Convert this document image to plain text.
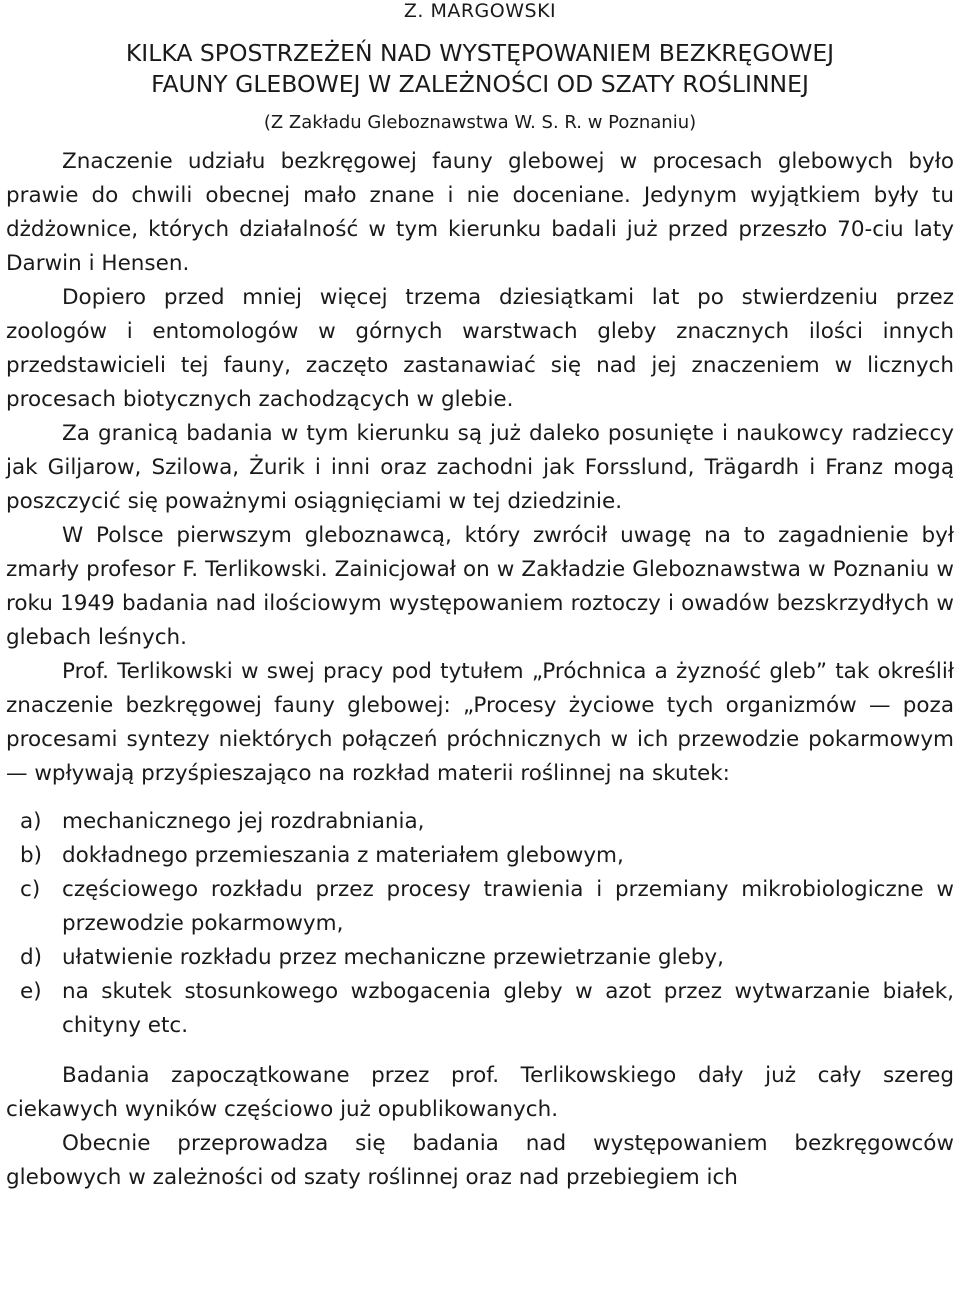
Z. MARGOWSKI

KILKA SPOSTRZEŻEŃ NAD WYSTĘPOWANIEM BEZKRĘGOWEJ
FAUNY GLEBOWEJ W ZALEŻNOŚCI OD SZATY ROŚLINNEJ

(Z Zakładu Gleboznawstwa W. S. R. w Poznaniu)

Znaczenie udziału bezkręgowej fauny glebowej w procesach glebowych było prawie do chwili obecnej mało znane i nie doceniane. Jedynym wyjątkiem były tu dżdżownice, których działalność w tym kierunku badali już przed przeszło 70-ciu laty Darwin i Hensen.

Dopiero przed mniej więcej trzema dziesiątkami lat po stwierdzeniu przez zoologów i entomologów w górnych warstwach gleby znacznych ilości innych przedstawicieli tej fauny, zaczęto zastanawiać się nad jej znaczeniem w licznych procesach biotycznych zachodzących w glebie.

Za granicą badania w tym kierunku są już daleko posunięte i naukowcy radzieccy jak Giljarow, Szilowa, Żurik i inni oraz zachodni jak Forsslund, Trägardh i Franz mogą poszczycić się poważnymi osiągnięciami w tej dziedzinie.

W Polsce pierwszym gleboznawcą, który zwrócił uwagę na to zagadnienie był zmarły profesor F. Terlikowski. Zainicjował on w Zakładzie Gleboznawstwa w Poznaniu w roku 1949 badania nad ilościowym występowaniem roztoczy i owadów bezskrzydłych w glebach leśnych.

Prof. Terlikowski w swej pracy pod tytułem „Próchnica a żyzność gleb” tak określił znaczenie bezkręgowej fauny glebowej: „Procesy życiowe tych organizmów — poza procesami syntezy niektórych połączeń próchnicznych w ich przewodzie pokarmowym — wpływają przyśpieszająco na rozkład materii roślinnej na skutek:

a) mechanicznego jej rozdrabniania,
b) dokładnego przemieszania z materiałem glebowym,
c) częściowego rozkładu przez procesy trawienia i przemiany mikrobiologiczne w przewodzie pokarmowym,
d) ułatwienie rozkładu przez mechaniczne przewietrzanie gleby,
e) na skutek stosunkowego wzbogacenia gleby w azot przez wytwarzanie białek, chityny etc.

Badania zapoczątkowane przez prof. Terlikowskiego dały już cały szereg ciekawych wyników częściowo już opublikowanych.

Obecnie przeprowadza się badania nad występowaniem bezkręgowców glebowych w zależności od szaty roślinnej oraz nad przebiegiem ich
